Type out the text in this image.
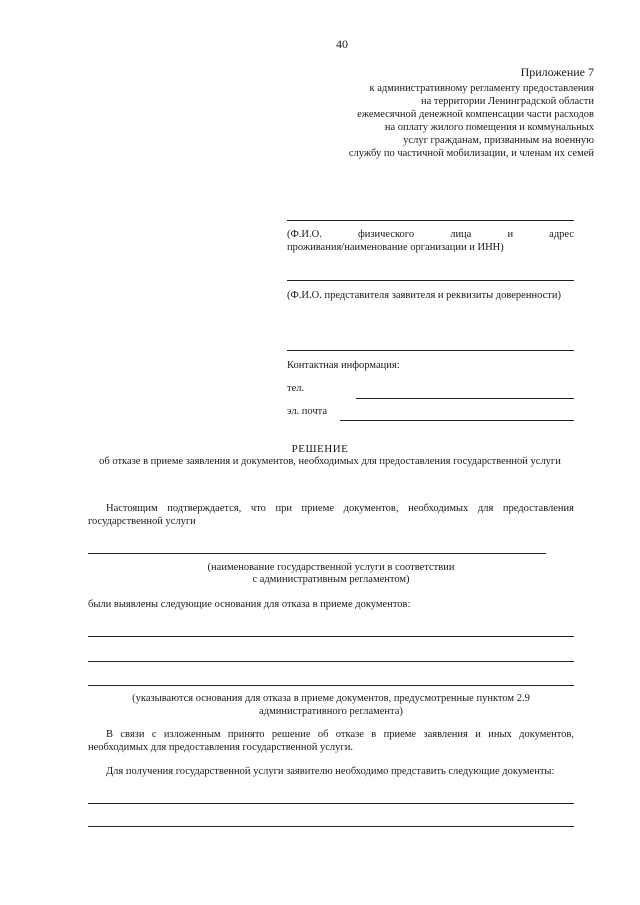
40
Приложение 7
к административному регламенту предоставления
на территории Ленинградской области
ежемесячной денежной компенсации части расходов
на оплату жилого помещения и коммунальных
услуг гражданам, призванным на военную
службу по частичной мобилизации, и членам их семей
(Ф.И.О.	физического	лица	и	адрес
проживания/наименование организации и ИНН)
(Ф.И.О. представителя заявителя и реквизиты доверенности)
Контактная информация:
тел.
эл. почта
РЕШЕНИЕ
об отказе в приеме заявления и документов, необходимых для предоставления государственной услуги
Настоящим подтверждается, что при приеме документов, необходимых для предоставления
государственной услуги
(наименование государственной услуги в соответствии
с административным регламентом)
были выявлены следующие основания для отказа в приеме документов:
(указываются основания для отказа в приеме документов, предусмотренные пунктом 2.9
административного регламента)
В связи с изложенным принято решение об отказе в приеме заявления и иных документов,
необходимых для предоставления государственной услуги.
Для получения государственной услуги заявителю необходимо представить следующие документы:
